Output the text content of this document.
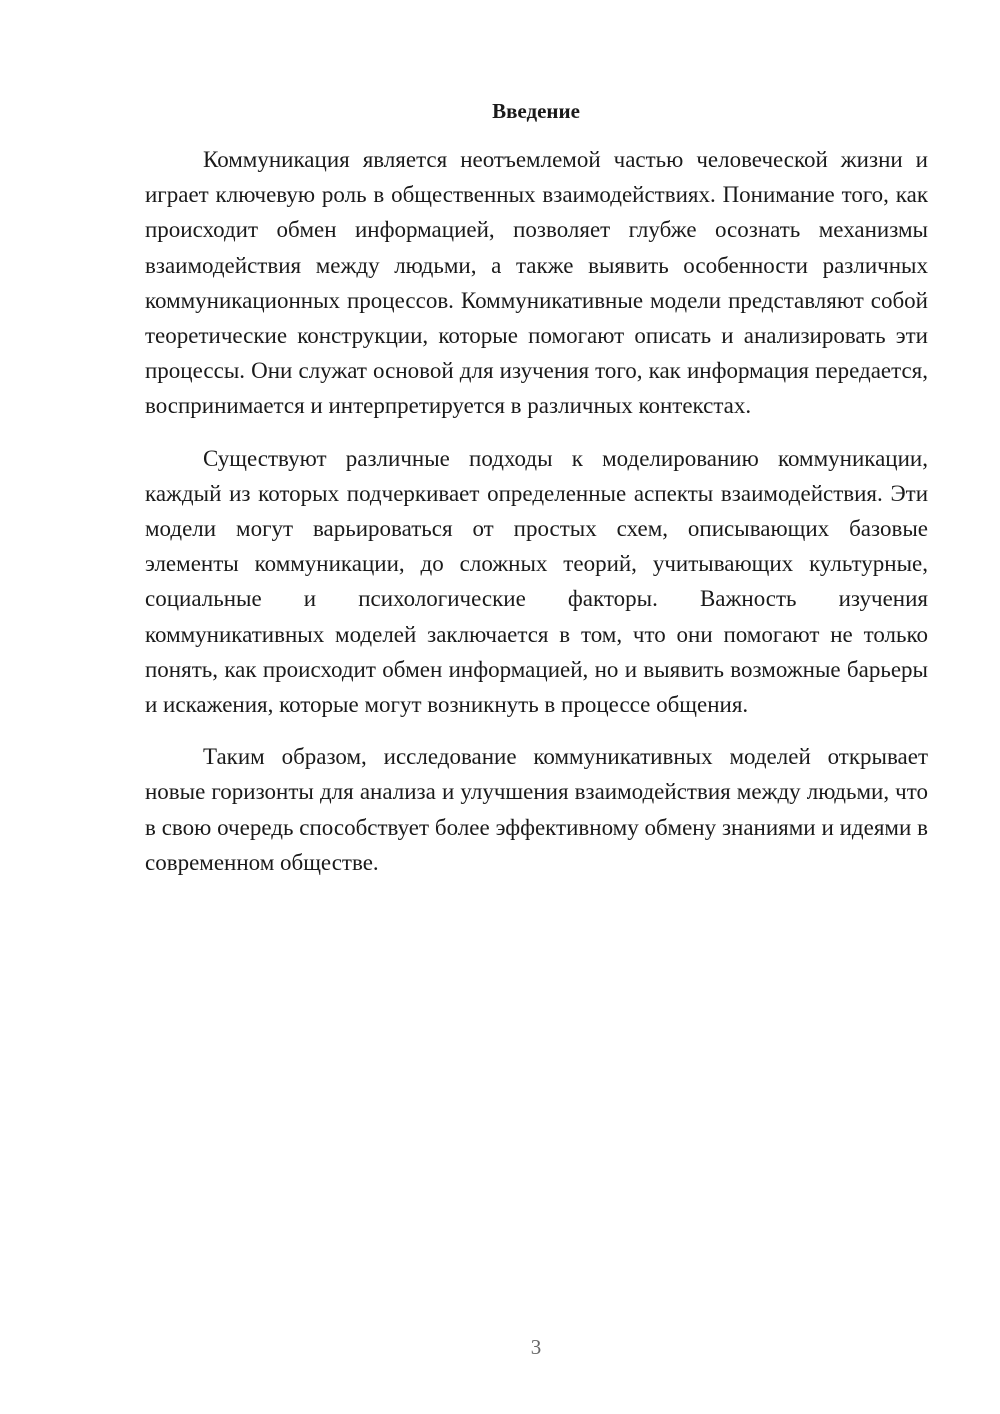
Введение

Коммуникация является неотъемлемой частью человеческой жизни и играет ключевую роль в общественных взаимодействиях. Понимание того, как происходит обмен информацией, позволяет глубже осознать механизмы взаимодействия между людьми, а также выявить особенности различных коммуникационных процессов. Коммуникативные модели представляют собой теоретические конструкции, которые помогают описать и анализировать эти процессы. Они служат основой для изучения того, как информация передается, воспринимается и интерпретируется в различных контекстах.

Существуют различные подходы к моделированию коммуникации, каждый из которых подчеркивает определенные аспекты взаимодействия. Эти модели могут варьироваться от простых схем, описывающих базовые элементы коммуникации, до сложных теорий, учитывающих культурные, социальные и психологические факторы. Важность изучения коммуникативных моделей заключается в том, что они помогают не только понять, как происходит обмен информацией, но и выявить возможные барьеры и искажения, которые могут возникнуть в процессе общения.

Таким образом, исследование коммуникативных моделей открывает новые горизонты для анализа и улучшения взаимодействия между людьми, что в свою очередь способствует более эффективному обмену знаниями и идеями в современном обществе.

3
